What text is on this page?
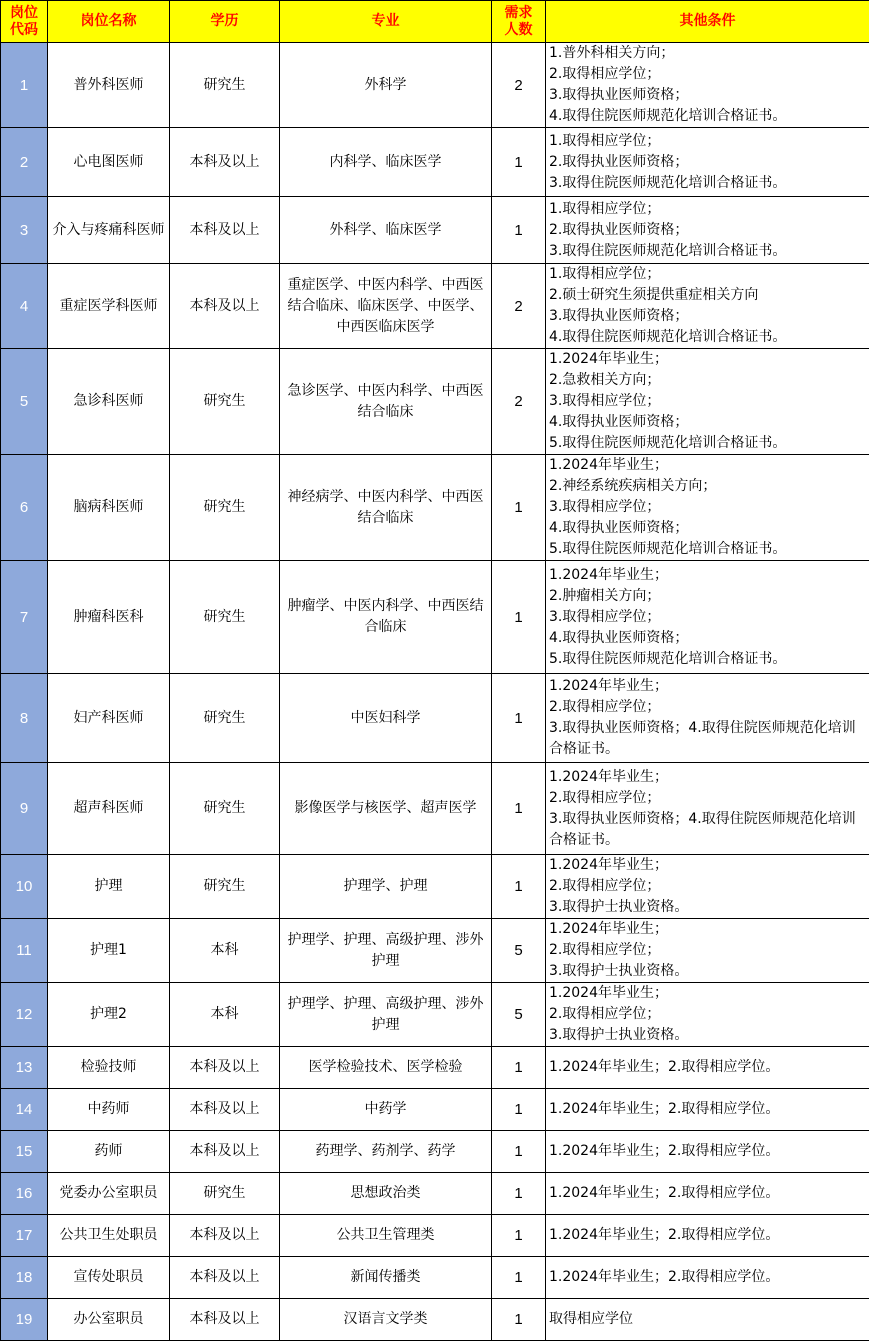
岗位代码	岗位名称	学历	专业	需求人数	其他条件
1	普外科医师	研究生	外科学	2	1.普外科相关方向；
2.取得相应学位；
3.取得执业医师资格；
4.取得住院医师规范化培训合格证书。

2	心电图医师	本科及以上	内科学、临床医学	1	1.取得相应学位；
2.取得执业医师资格；
3.取得住院医师规范化培训合格证书。

3	介入与疼痛科医师	本科及以上	外科学、临床医学	1	1.取得相应学位；
2.取得执业医师资格；
3.取得住院医师规范化培训合格证书。

4	重症医学科医师	本科及以上	重症医学、中医内科学、中西医结合临床、临床医学、中医学、中西医临床医学	2	1.取得相应学位；
2.硕士研究生须提供重症相关方向
3.取得执业医师资格；
4.取得住院医师规范化培训合格证书。

5	急诊科医师	研究生	急诊医学、中医内科学、中西医结合临床	2	1.2024年毕业生；
2.急救相关方向；
3.取得相应学位；
4.取得执业医师资格；
5.取得住院医师规范化培训合格证书。

6	脑病科医师	研究生	神经病学、中医内科学、中西医结合临床	1	1.2024年毕业生；
2.神经系统疾病相关方向；
3.取得相应学位；
4.取得执业医师资格；
5.取得住院医师规范化培训合格证书。

7	肿瘤科医科	研究生	肿瘤学、中医内科学、中西医结合临床	1	1.2024年毕业生；
2.肿瘤相关方向；
3.取得相应学位；
4.取得执业医师资格；
5.取得住院医师规范化培训合格证书。

8	妇产科医师	研究生	中医妇科学	1	1.2024年毕业生；
2.取得相应学位；
3.取得执业医师资格；4.取得住院医师规范化培训合格证书。

9	超声科医师	研究生	影像医学与核医学、超声医学	1	1.2024年毕业生；
2.取得相应学位；
3.取得执业医师资格；4.取得住院医师规范化培训合格证书。

10	护理	研究生	护理学、护理	1	1.2024年毕业生；
2.取得相应学位；
3.取得护士执业资格。

11	护理1	本科	护理学、护理、高级护理、涉外护理	5	1.2024年毕业生；
2.取得相应学位；
3.取得护士执业资格。

12	护理2	本科	护理学、护理、高级护理、涉外护理	5	1.2024年毕业生；
2.取得相应学位；
3.取得护士执业资格。

13	检验技师	本科及以上	医学检验技术、医学检验	1	1.2024年毕业生；2.取得相应学位。

14	中药师	本科及以上	中药学	1	1.2024年毕业生；2.取得相应学位。

15	药师	本科及以上	药理学、药剂学、药学	1	1.2024年毕业生；2.取得相应学位。

16	党委办公室职员	研究生	思想政治类	1	1.2024年毕业生；2.取得相应学位。

17	公共卫生处职员	本科及以上	公共卫生管理类	1	1.2024年毕业生；2.取得相应学位。

18	宣传处职员	本科及以上	新闻传播类	1	1.2024年毕业生；2.取得相应学位。

19	办公室职员	本科及以上	汉语言文学类	1	取得相应学位
